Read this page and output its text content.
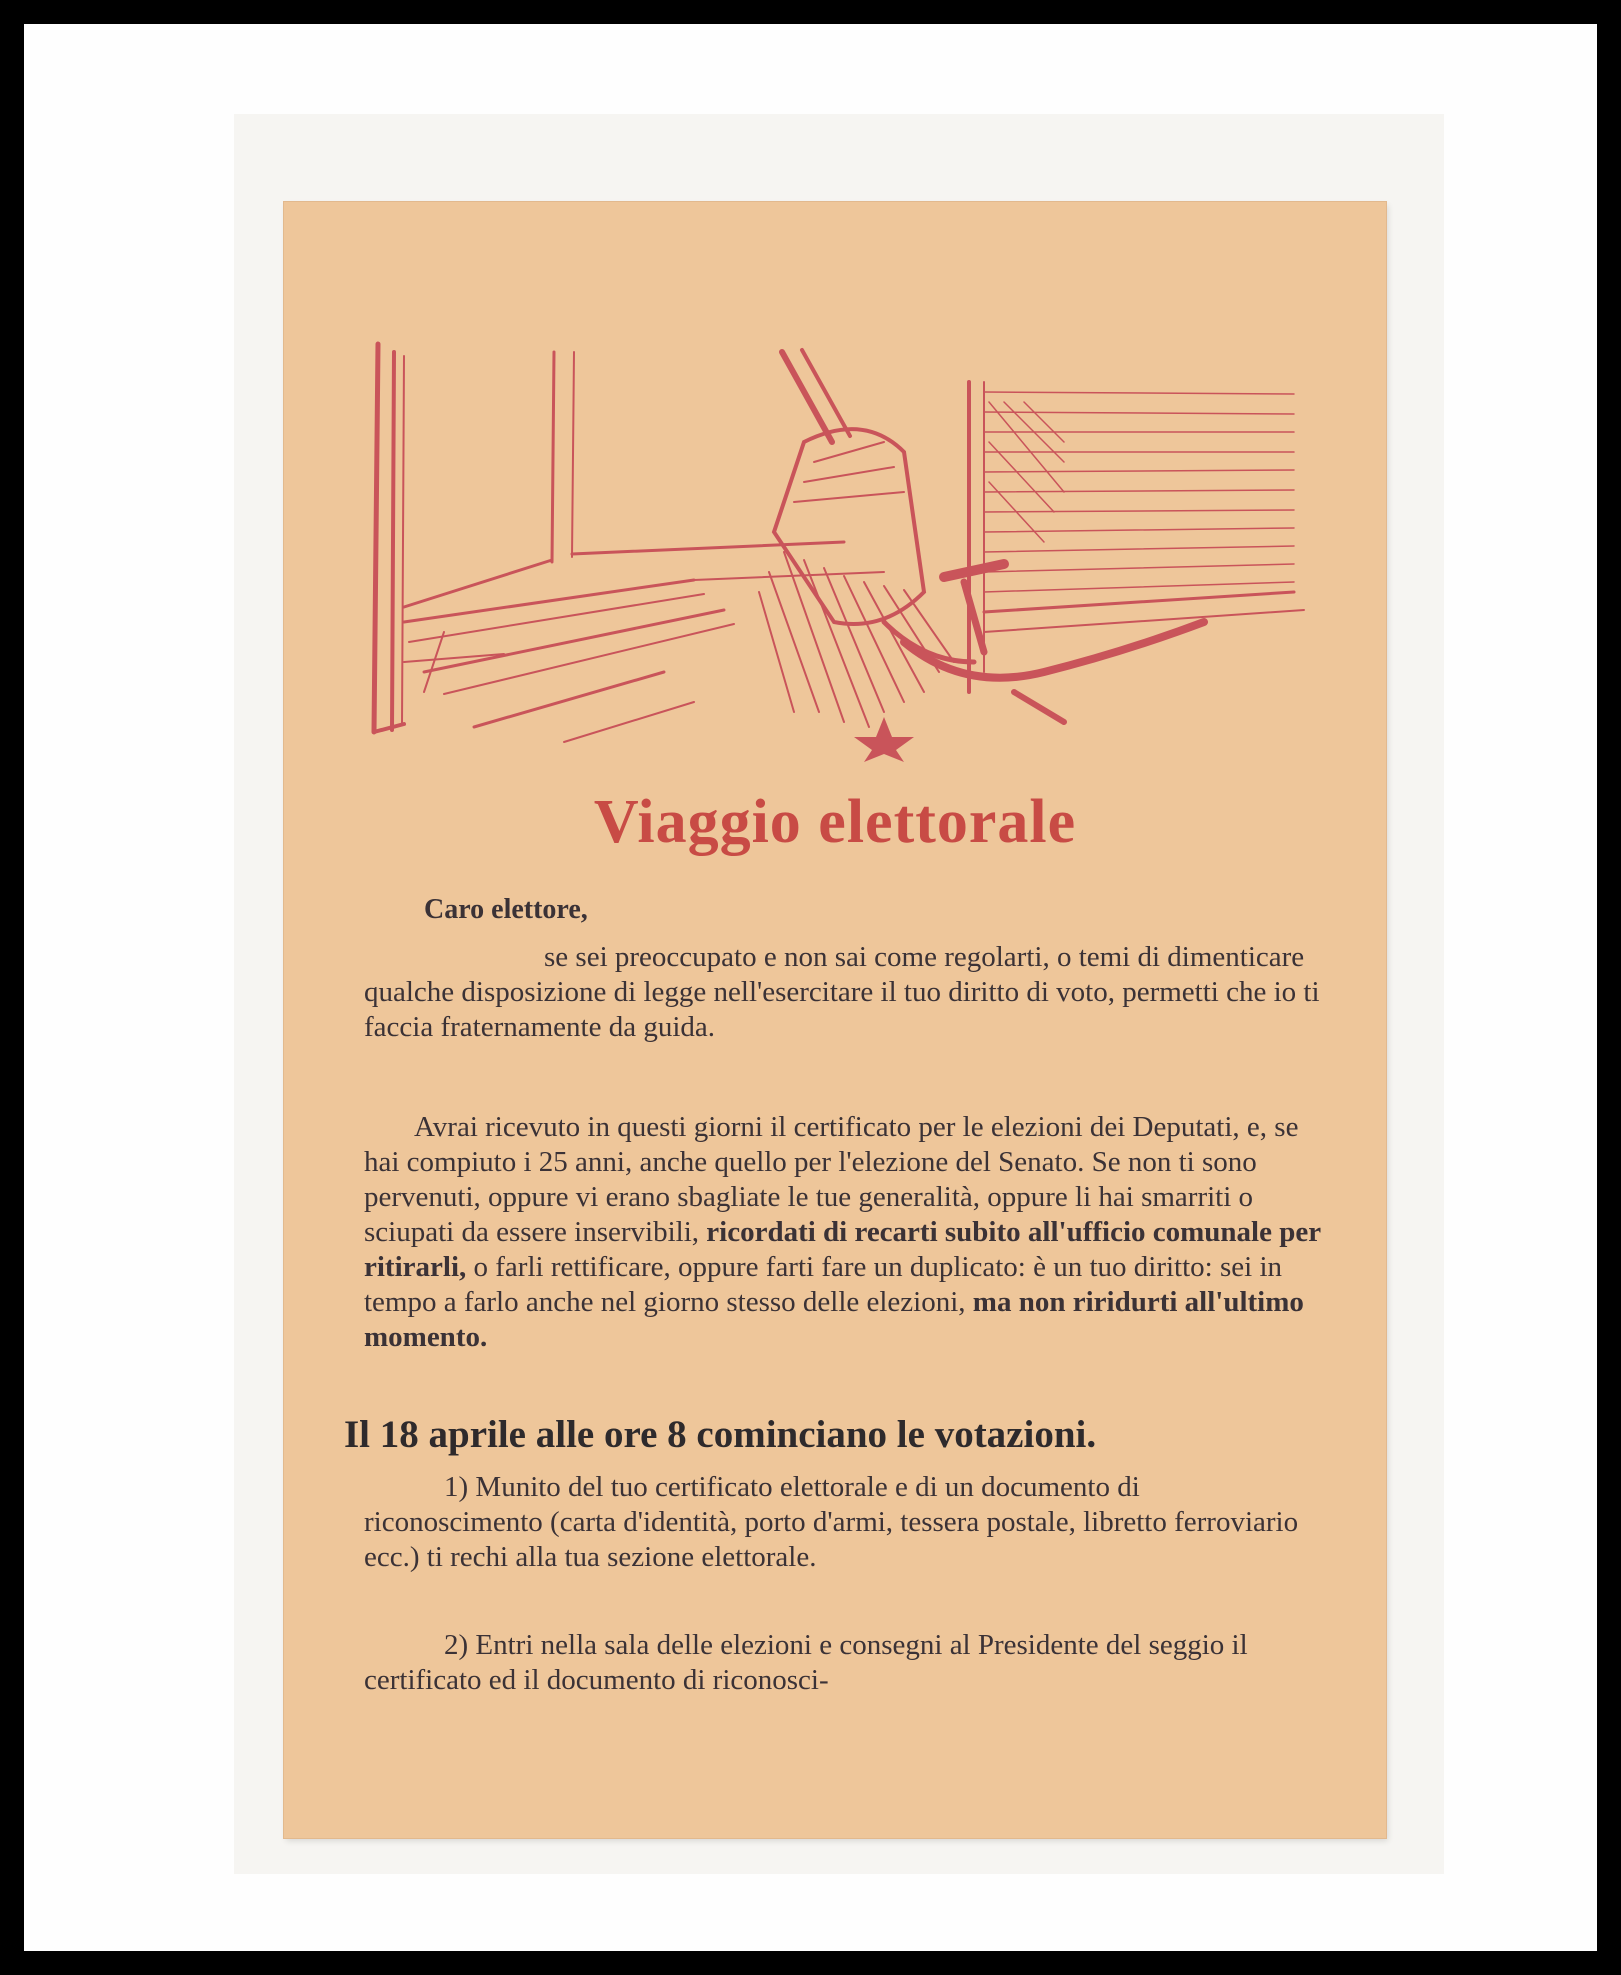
Viaggio elettorale
Caro elettore,
se sei preoccupato e non sai come regolarti, o temi di dimenticare qualche disposizione di legge nell'esercitare il tuo diritto di voto, permetti che io ti faccia fraternamente da guida.
Avrai ricevuto in questi giorni il certificato per le elezioni dei Deputati, e, se hai compiuto i 25 anni, anche quello per l'elezione del Senato. Se non ti sono pervenuti, oppure vi erano sbagliate le tue generalità, oppure li hai smarriti o sciupati da essere inservibili, ricordati di recarti subito all'ufficio comunale per ritirarli, o farli rettificare, oppure farti fare un duplicato: è un tuo diritto: sei in tempo a farlo anche nel giorno stesso delle elezioni, ma non riridurti all'ultimo momento.
Il 18 aprile alle ore 8 cominciano le votazioni.
1) Munito del tuo certificato elettorale e di un documento di riconoscimento (carta d'identità, porto d'armi, tessera postale, libretto ferroviario ecc.) ti rechi alla tua sezione elettorale.
2) Entri nella sala delle elezioni e consegni al Presidente del seggio il certificato ed il documento di riconosci-
